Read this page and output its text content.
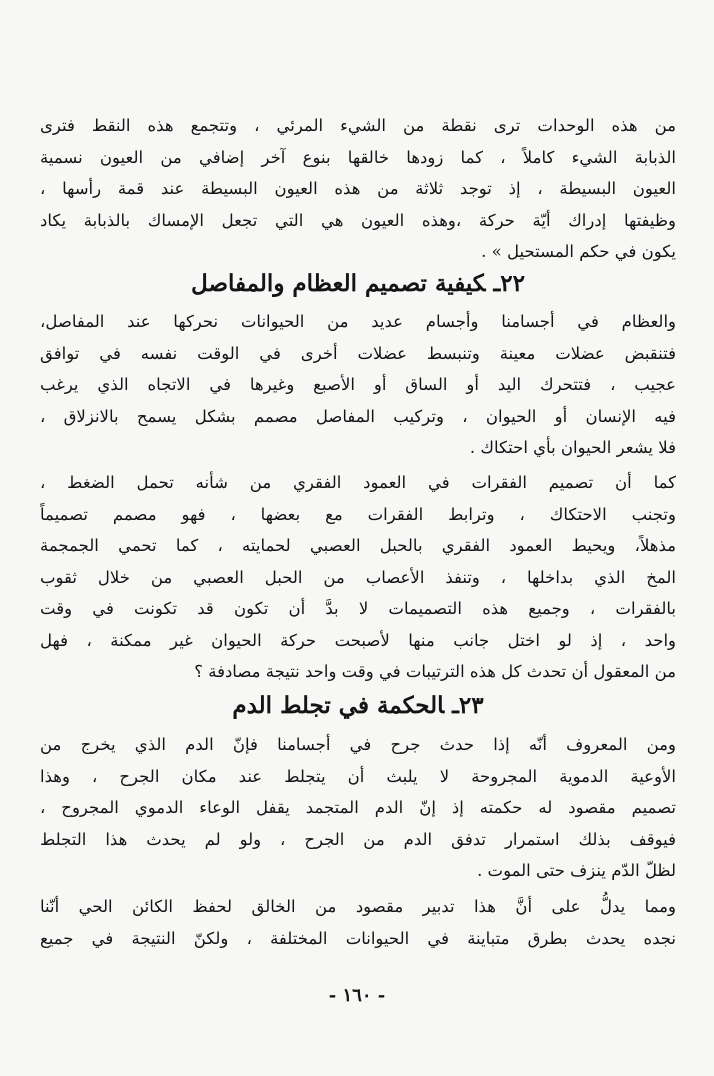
من هذه الوحدات ترى نقطة من الشيء المرئي ، وتتجمع هذه النقط فترى
الذبابة الشيء كاملاً ، كما زودها خالقها بنوع آخر إضافي من العيون نسمية
العيون البسيطة ، إذ توجد ثلاثة من هذه العيون البسيطة عند قمة رأسها ،
وظيفتها إدراك أيّة حركة ،وهذه العيون هي التي تجعل الإمساك بالذبابة يكاد
يكون في حكم المستحيل » .
٢٢ـكيفية تصميم العظام والمفاصل
والعظام في أجسامنا وأجسام عديد من الحيوانات نحركها عند المفاصل،
فتنقبض عضلات معينة وتنبسط عضلات أخرى في الوقت نفسه في توافق
عجيب ، فتتحرك اليد أو الساق أو الأصبع وغيرها في الاتجاه الذي يرغب
فيه الإنسان أو الحيوان ، وتركيب المفاصل مصمم بشكل يسمح بالانزلاق ،
فلا يشعر الحيوان بأي احتكاك .
كما أن تصميم الفقرات في العمود الفقري من شأنه تحمل الضغط ،
وتجنب الاحتكاك ، وترابط الفقرات مع بعضها ، فهو مصمم تصميماً
مذهلاً، ويحيط العمود الفقري بالحبل العصبي لحمايته ، كما تحمي الجمجمة
المخ الذي بداخلها ، وتنفذ الأعصاب من الحبل العصبي من خلال ثقوب
بالفقرات ، وجميع هذه التصميمات لا بدَّ أن تكون قد تكونت في وقت
واحد ، إذ لو اختل جانب منها لأصبحت حركة الحيوان غير ممكنة ، فهل
من المعقول أن تحدث كل هذه الترتيبات في وقت واحد نتيجة مصادفة ؟
٢٣ـالحكمة في تجلط الدم
ومن المعروف أنّه إذا حدث جرح في أجسامنا فإنّ الدم الذي يخرج من
الأوعية الدموية المجروحة لا يلبث أن يتجلط عند مكان الجرح ، وهذا
تصميم مقصود له حكمته إذ إنّ الدم المتجمد يقفل الوعاء الدموي المجروح ،
فيوقف بذلك استمرار تدفق الدم من الجرح ، ولو لم يحدث هذا التجلط
لظلّ الدّم ينزف حتى الموت .
ومما يدلُّ على أنَّ هذا تدبير مقصود من الخالق لحفظ الكائن الحي أنّنا
نجده يحدث بطرق متباينة في الحيوانات المختلفة ، ولكنّ النتيجة في جميع
- ١٦٠ -
